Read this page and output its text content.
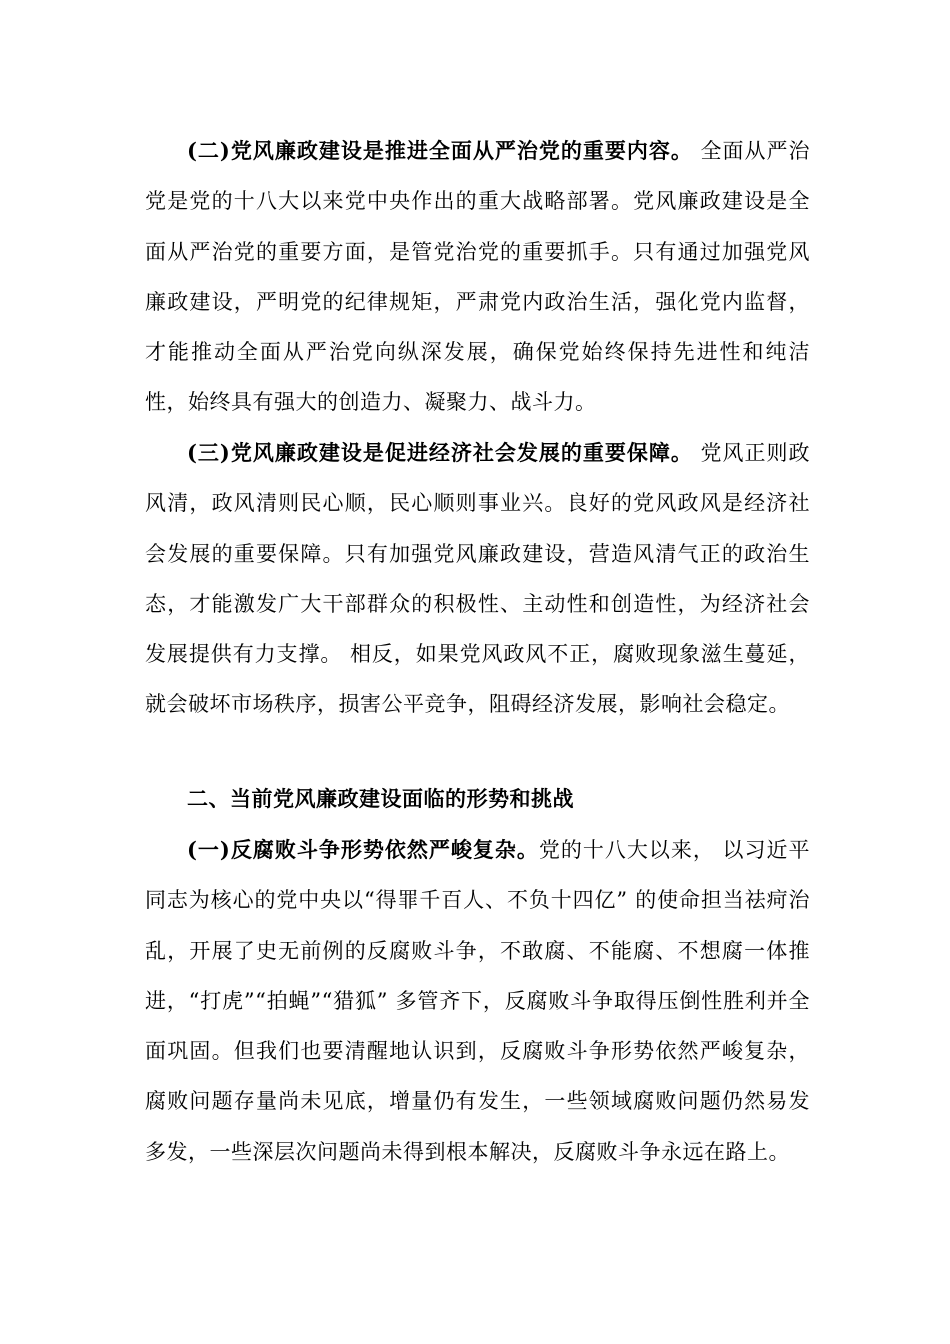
(二)党风廉政建设是推进全面从严治党的重要内容。 全面从严治党是党的十八大以来党中央作出的重大战略部署。党风廉政建设是全面从严治党的重要方面，是管党治党的重要抓手。只有通过加强党风廉政建设，严明党的纪律规矩，严肃党内政治生活，强化党内监督，才能推动全面从严治党向纵深发展，确保党始终保持先进性和纯洁性，始终具有强大的创造力、凝聚力、战斗力。

(三)党风廉政建设是促进经济社会发展的重要保障。 党风正则政风清，政风清则民心顺，民心顺则事业兴。良好的党风政风是经济社会发展的重要保障。只有加强党风廉政建设，营造风清气正的政治生态，才能激发广大干部群众的积极性、主动性和创造性，为经济社会发展提供有力支撑。 相反，如果党风政风不正，腐败现象滋生蔓延，就会破坏市场秩序，损害公平竞争，阻碍经济发展，影响社会稳定。

二、当前党风廉政建设面临的形势和挑战

(一)反腐败斗争形势依然严峻复杂。党的十八大以来， 以习近平同志为核心的党中央以“得罪千百人、不负十四亿” 的使命担当祛疴治乱，开展了史无前例的反腐败斗争，不敢腐、不能腐、不想腐一体推进，“打虎”“拍蝇”“猎狐” 多管齐下，反腐败斗争取得压倒性胜利并全面巩固。但我们也要清醒地认识到，反腐败斗争形势依然严峻复杂，腐败问题存量尚未见底，增量仍有发生，一些领域腐败问题仍然易发多发，一些深层次问题尚未得到根本解决，反腐败斗争永远在路上。
